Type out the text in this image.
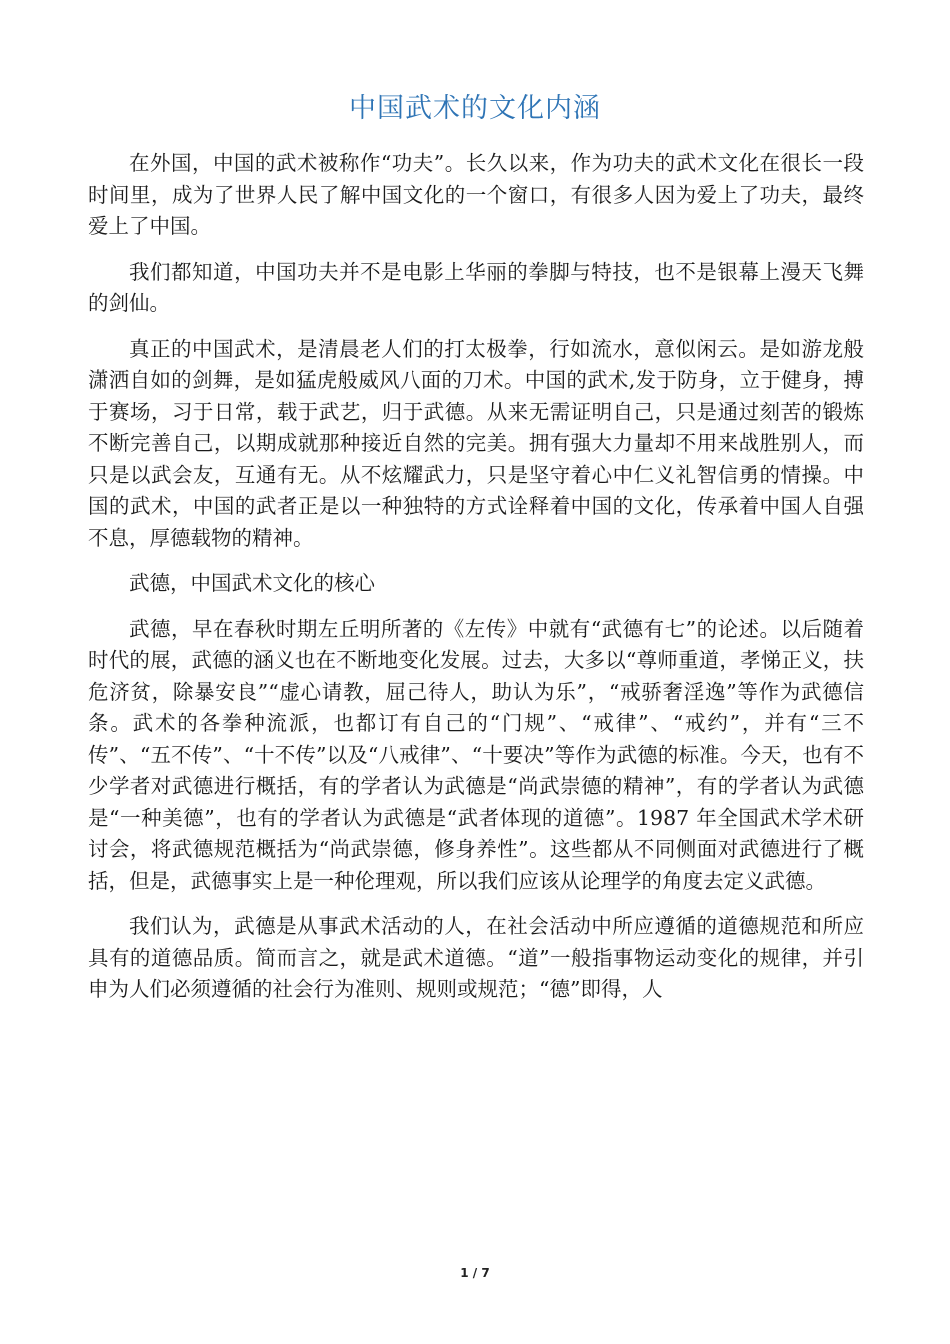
中国武术的文化内涵

在外国，中国的武术被称作“功夫”。长久以来，作为功夫的武术文化在很长一段时间里，成为了世界人民了解中国文化的一个窗口，有很多人因为爱上了功夫，最终爱上了中国。

我们都知道，中国功夫并不是电影上华丽的拳脚与特技，也不是银幕上漫天飞舞的剑仙。

真正的中国武术，是清晨老人们的打太极拳，行如流水，意似闲云。是如游龙般潇洒自如的剑舞，是如猛虎般威风八面的刀术。中国的武术,发于防身，立于健身，搏于赛场，习于日常，载于武艺，归于武德。从来无需证明自己，只是通过刻苦的锻炼不断完善自己，以期成就那种接近自然的完美。拥有强大力量却不用来战胜别人，而只是以武会友，互通有无。从不炫耀武力，只是坚守着心中仁义礼智信勇的情操。中国的武术，中国的武者正是以一种独特的方式诠释着中国的文化，传承着中国人自强不息，厚德载物的精神。

武德，中国武术文化的核心

武德，早在春秋时期左丘明所著的《左传》中就有“武德有七”的论述。以后随着时代的展，武德的涵义也在不断地变化发展。过去，大多以“尊师重道，孝悌正义，扶危济贫，除暴安良”“虚心请教，屈己待人，助认为乐”，“戒骄奢淫逸”等作为武德信条。武术的各拳种流派，也都订有自己的“门规”、“戒律”、“戒约”，并有“三不传”、“五不传”、“十不传”以及“八戒律”、“十要决”等作为武德的标准。今天，也有不少学者对武德进行概括，有的学者认为武德是“尚武崇德的精神”，有的学者认为武德是“一种美德”，也有的学者认为武德是“武者体现的道德”。1987 年全国武术学术研讨会，将武德规范概括为“尚武崇德，修身养性”。这些都从不同侧面对武德进行了概括，但是，武德事实上是一种伦理观，所以我们应该从论理学的角度去定义武德。

我们认为，武德是从事武术活动的人，在社会活动中所应遵循的道德规范和所应具有的道德品质。简而言之，就是武术道德。“道”一般指事物运动变化的规律，并引申为人们必须遵循的社会行为准则、规则或规范；“德”即得，人

1 / 7
